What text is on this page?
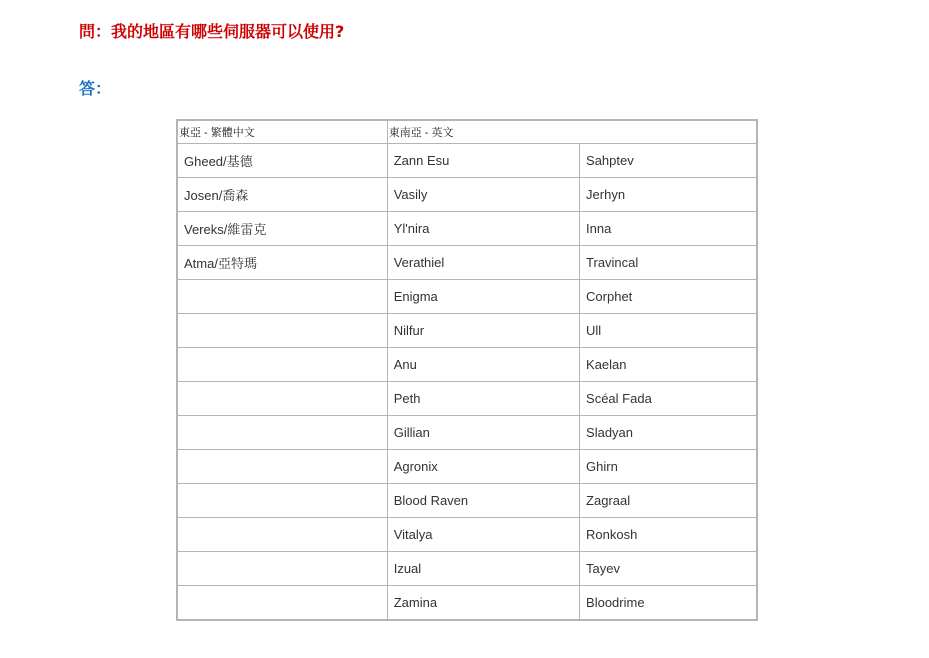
問：我的地區有哪些伺服器可以使用?
答：
東亞 - 繁體中文	東南亞 - 英文	
Gheed/基德	Zann Esu	Sahptev
Josen/喬森	Vasily	Jerhyn
Vereks/維雷克	Yl'nira	Inna
Atma/亞特瑪	Verathiel	Travincal
	Enigma	Corphet
	Nilfur	Ull
	Anu	Kaelan
	Peth	Scéal Fada
	Gillian	Sladyan
	Agronix	Ghirn
	Blood Raven	Zagraal
	Vitalya	Ronkosh
	Izual	Tayev
	Zamina	Bloodrime
